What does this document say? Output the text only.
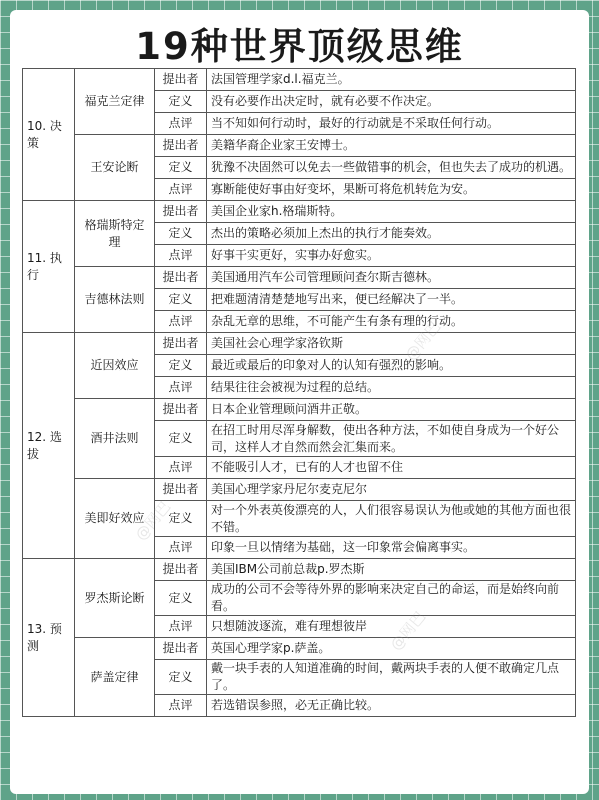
19种世界顶级思维
10. 决策	福克兰定律	提出者	法国管理学家d.l.福克兰。
		定义	没有必要作出决定时，就有必要不作决定。
		点评	当不知如何行动时，最好的行动就是不采取任何行动。
	王安论断	提出者	美籍华裔企业家王安博士。
		定义	犹豫不决固然可以免去一些做错事的机会，但也失去了成功的机遇。
		点评	寡断能使好事由好变坏，果断可将危机转危为安。
11. 执行	格瑞斯特定理	提出者	美国企业家h.格瑞斯特。
		定义	杰出的策略必须加上杰出的执行才能奏效。
		点评	好事干实更好，实事办好愈实。
	吉德林法则	提出者	美国通用汽车公司管理顾问查尔斯吉德林。
		定义	把难题清清楚楚地写出来，便已经解决了一半。
		点评	杂乱无章的思维，不可能产生有条有理的行动。
12. 选拔	近因效应	提出者	美国社会心理学家洛钦斯
		定义	最近或最后的印象对人的认知有强烈的影响。
		点评	结果往往会被视为过程的总结。
	酒井法则	提出者	日本企业管理顾问酒井正敬。
		定义	在招工时用尽浑身解数，使出各种方法，不如使自身成为一个好公司，这样人才自然而然会汇集而来。
		点评	不能吸引人才，已有的人才也留不住
	美即好效应	提出者	美国心理学家丹尼尔麦克尼尔
		定义	对一个外表英俊漂亮的人，人们很容易误认为他或她的其他方面也很不错。
		点评	印象一旦以情绪为基础，这一印象常会偏离事实。
13. 预测	罗杰斯论断	提出者	美国IBM公司前总裁p.罗杰斯
		定义	成功的公司不会等待外界的影响来决定自己的命运，而是始终向前看。
		点评	只想随波逐流，难有理想彼岸
	萨盖定律	提出者	英国心理学家p.萨盖。
		定义	戴一块手表的人知道准确的时间，戴两块手表的人便不敢确定几点了。
		点评	若选错误参照，必无正确比较。
@网巴
@网巴
@网巴
